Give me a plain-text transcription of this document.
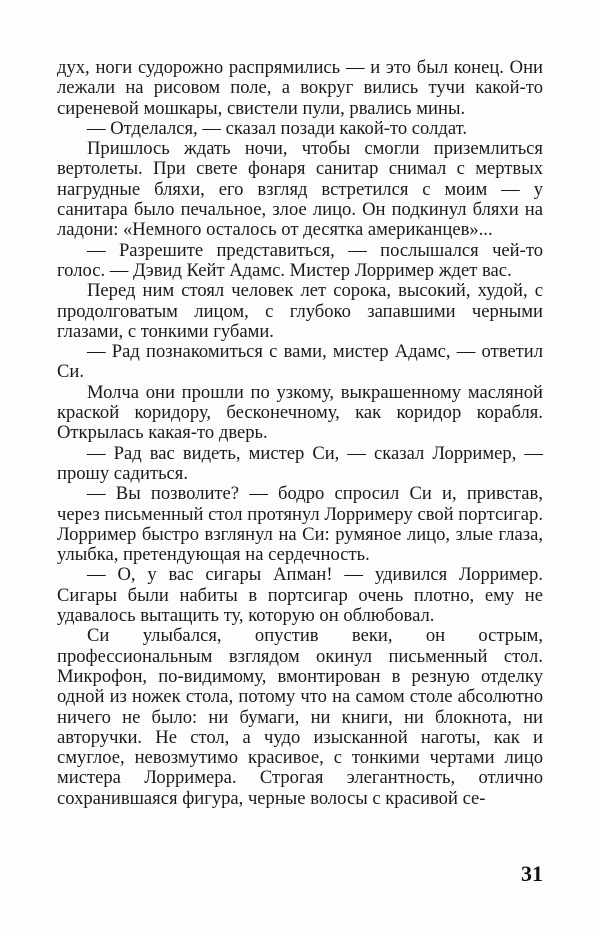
дух, ноги судорожно распрямились — и это был конец. Они лежали на рисовом поле, а вокруг вились тучи какой-то сиреневой мошкары, свистели пули, рвались мины.

— Отделался, — сказал позади какой-то солдат.

Пришлось ждать ночи, чтобы смогли приземлиться вертолеты. При свете фонаря санитар снимал с мертвых нагрудные бляхи, его взгляд встретился с моим — у санитара было печальное, злое лицо. Он подкинул бляхи на ладони: «Немного осталось от десятка американцев»...

— Разрешите представиться, — послышался чей-то голос. — Дэвид Кейт Адамс. Мистер Лорример ждет вас.

Перед ним стоял человек лет сорока, высокий, худой, с продолговатым лицом, с глубоко запавшими черными глазами, с тонкими губами.

— Рад познакомиться с вами, мистер Адамс, — ответил Си.

Молча они прошли по узкому, выкрашенному масляной краской коридору, бесконечному, как коридор корабля. Открылась какая-то дверь.

— Рад вас видеть, мистер Си, — сказал Лорример, — прошу садиться.

— Вы позволите? — бодро спросил Си и, привстав, через письменный стол протянул Лорримеру свой портсигар. Лорример быстро взглянул на Си: румяное лицо, злые глаза, улыбка, претендующая на сердечность.

— О, у вас сигары Апман! — удивился Лорример. Сигары были набиты в портсигар очень плотно, ему не удавалось вытащить ту, которую он облюбовал.

Си улыбался, опустив веки, он острым, профессиональным взглядом окинул письменный стол. Микрофон, по-видимому, вмонтирован в резную отделку одной из ножек стола, потому что на самом столе абсолютно ничего не было: ни бумаги, ни книги, ни блокнота, ни авторучки. Не стол, а чудо изысканной наготы, как и смуглое, невозмутимо красивое, с тонкими чертами лицо мистера Лорримера. Строгая элегантность, отлично сохранившаяся фигура, черные волосы с красивой се-

31
